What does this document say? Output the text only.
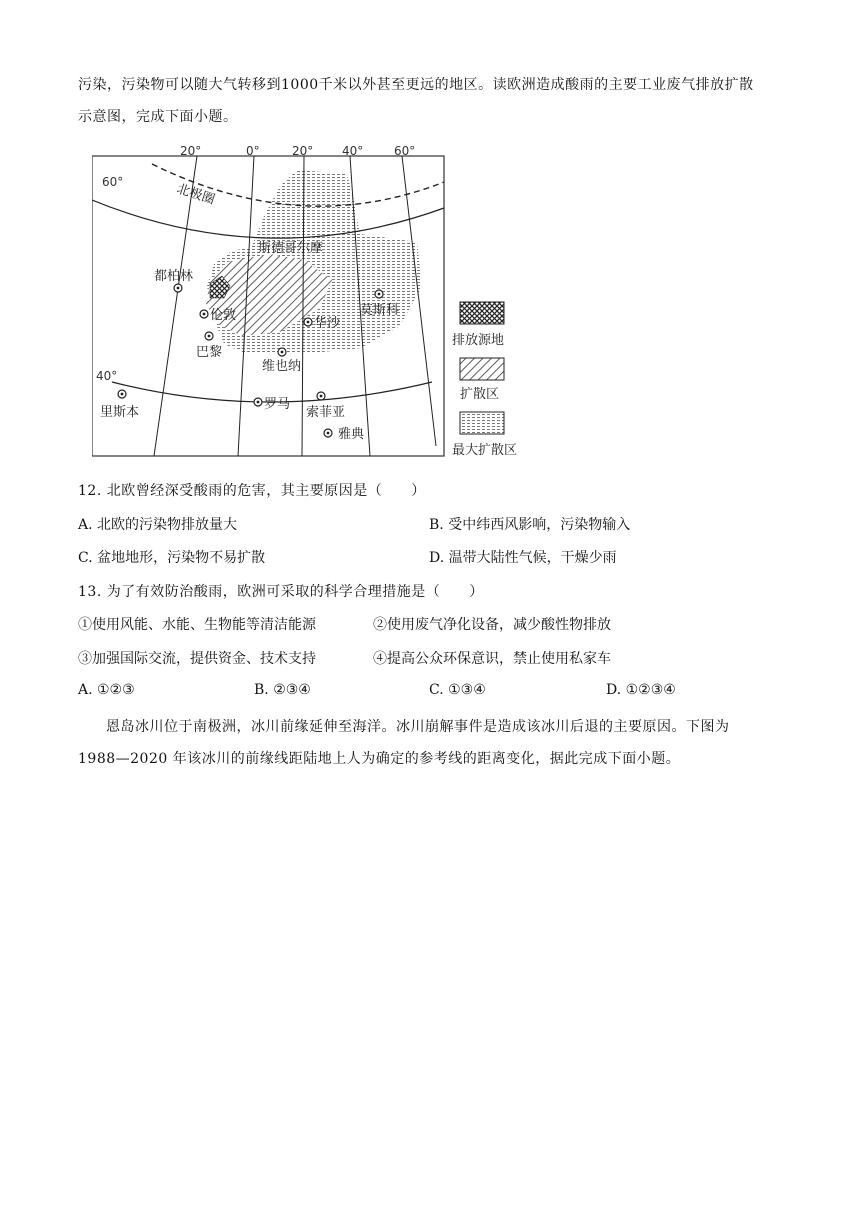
污染，污染物可以随大气转移到1000千米以外甚至更远的地区。读欧洲造成酸雨的主要工业废气排放扩散
示意图，完成下面小题。
20°	0°	20° 40°	60°
60°
40°
北极圈
都柏林
斯德哥尔摩
伦敦	莫斯科
巴黎
华沙
维也纳
里斯本
罗马
索菲亚
雅典
排放源地
扩散区
最大扩散区
12. 北欧曾经深受酸雨的危害，其主要原因是（　　）
A. 北欧的污染物排放量大	B. 受中纬西风影响，污染物输入
C. 盆地地形，污染物不易扩散	D. 温带大陆性气候，干燥少雨
13. 为了有效防治酸雨，欧洲可采取的科学合理措施是（　　）
①使用风能、水能、生物能等清洁能源	②使用废气净化设备，减少酸性物排放
③加强国际交流，提供资金、技术支持	④提高公众环保意识，禁止使用私家车
A. ①②③	B. ②③④	C. ①③④	D. ①②③④
恩岛冰川位于南极洲，冰川前缘延伸至海洋。冰川崩解事件是造成该冰川后退的主要原因。下图为
1988—2020 年该冰川的前缘线距陆地上人为确定的参考线的距离变化，据此完成下面小题。
